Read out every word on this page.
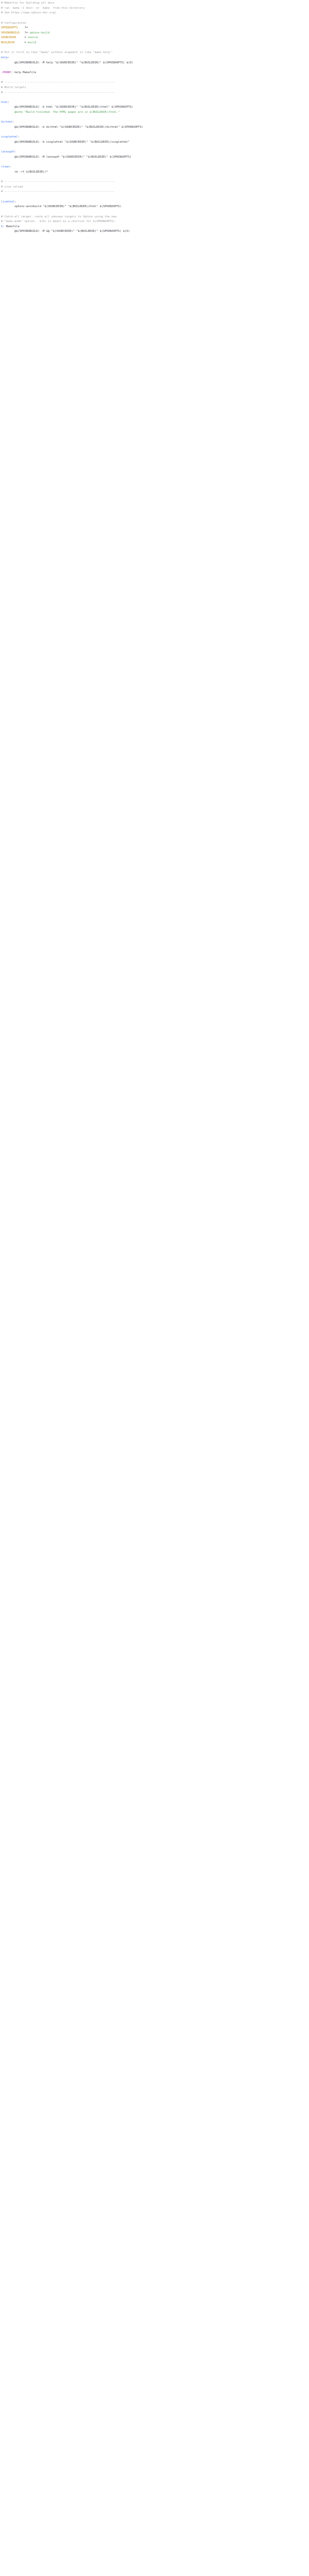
# Makefile for building all docs
# run `make -C docs` or `make` from this directory
# See https://www.sphinx-doc.org/
# Configuration
SPHINXOPTS    ?=
SPHINXBUILD   ?= sphinx-build
SOURCEDIR     = source
BUILDDIR      = build
# Put it first so that "make" without argument is like "make help".
help:
	@$(SPHINXBUILD) -M help "$(SOURCEDIR)" "$(BUILDDIR)" $(SPHINXOPTS) $(O)
.PHONY: help Makefile
# ------------------------------------------------------------------
# Build targets
# ------------------------------------------------------------------
html:
	@$(SPHINXBUILD) -b html "$(SOURCEDIR)" "$(BUILDDIR)/html" $(SPHINXOPTS)
	@echo "Build finished. The HTML pages are in $(BUILDDIR)/html."
dirhtml:
	@$(SPHINXBUILD) -b dirhtml "$(SOURCEDIR)" "$(BUILDDIR)/dirhtml" $(SPHINXOPTS)
singlehtml:
	@$(SPHINXBUILD) -b singlehtml "$(SOURCEDIR)" "$(BUILDDIR)/singlehtml"
latexpdf:
	@$(SPHINXBUILD) -M latexpdf "$(SOURCEDIR)" "$(BUILDDIR)" $(SPHINXOPTS)
clean:
	rm -rf $(BUILDDIR)/*
# ------------------------------------------------------------------
# Live reload
# ------------------------------------------------------------------
livehtml:
	sphinx-autobuild "$(SOURCEDIR)" "$(BUILDDIR)/html" $(SPHINXOPTS)
# Catch-all target: route all unknown targets to Sphinx using the new
# "make mode" option.  $(O) is meant as a shortcut for $(SPHINXOPTS).
%: Makefile
	@$(SPHINXBUILD) -M $@ "$(SOURCEDIR)" "$(BUILDDIR)" $(SPHINXOPTS) $(O)
